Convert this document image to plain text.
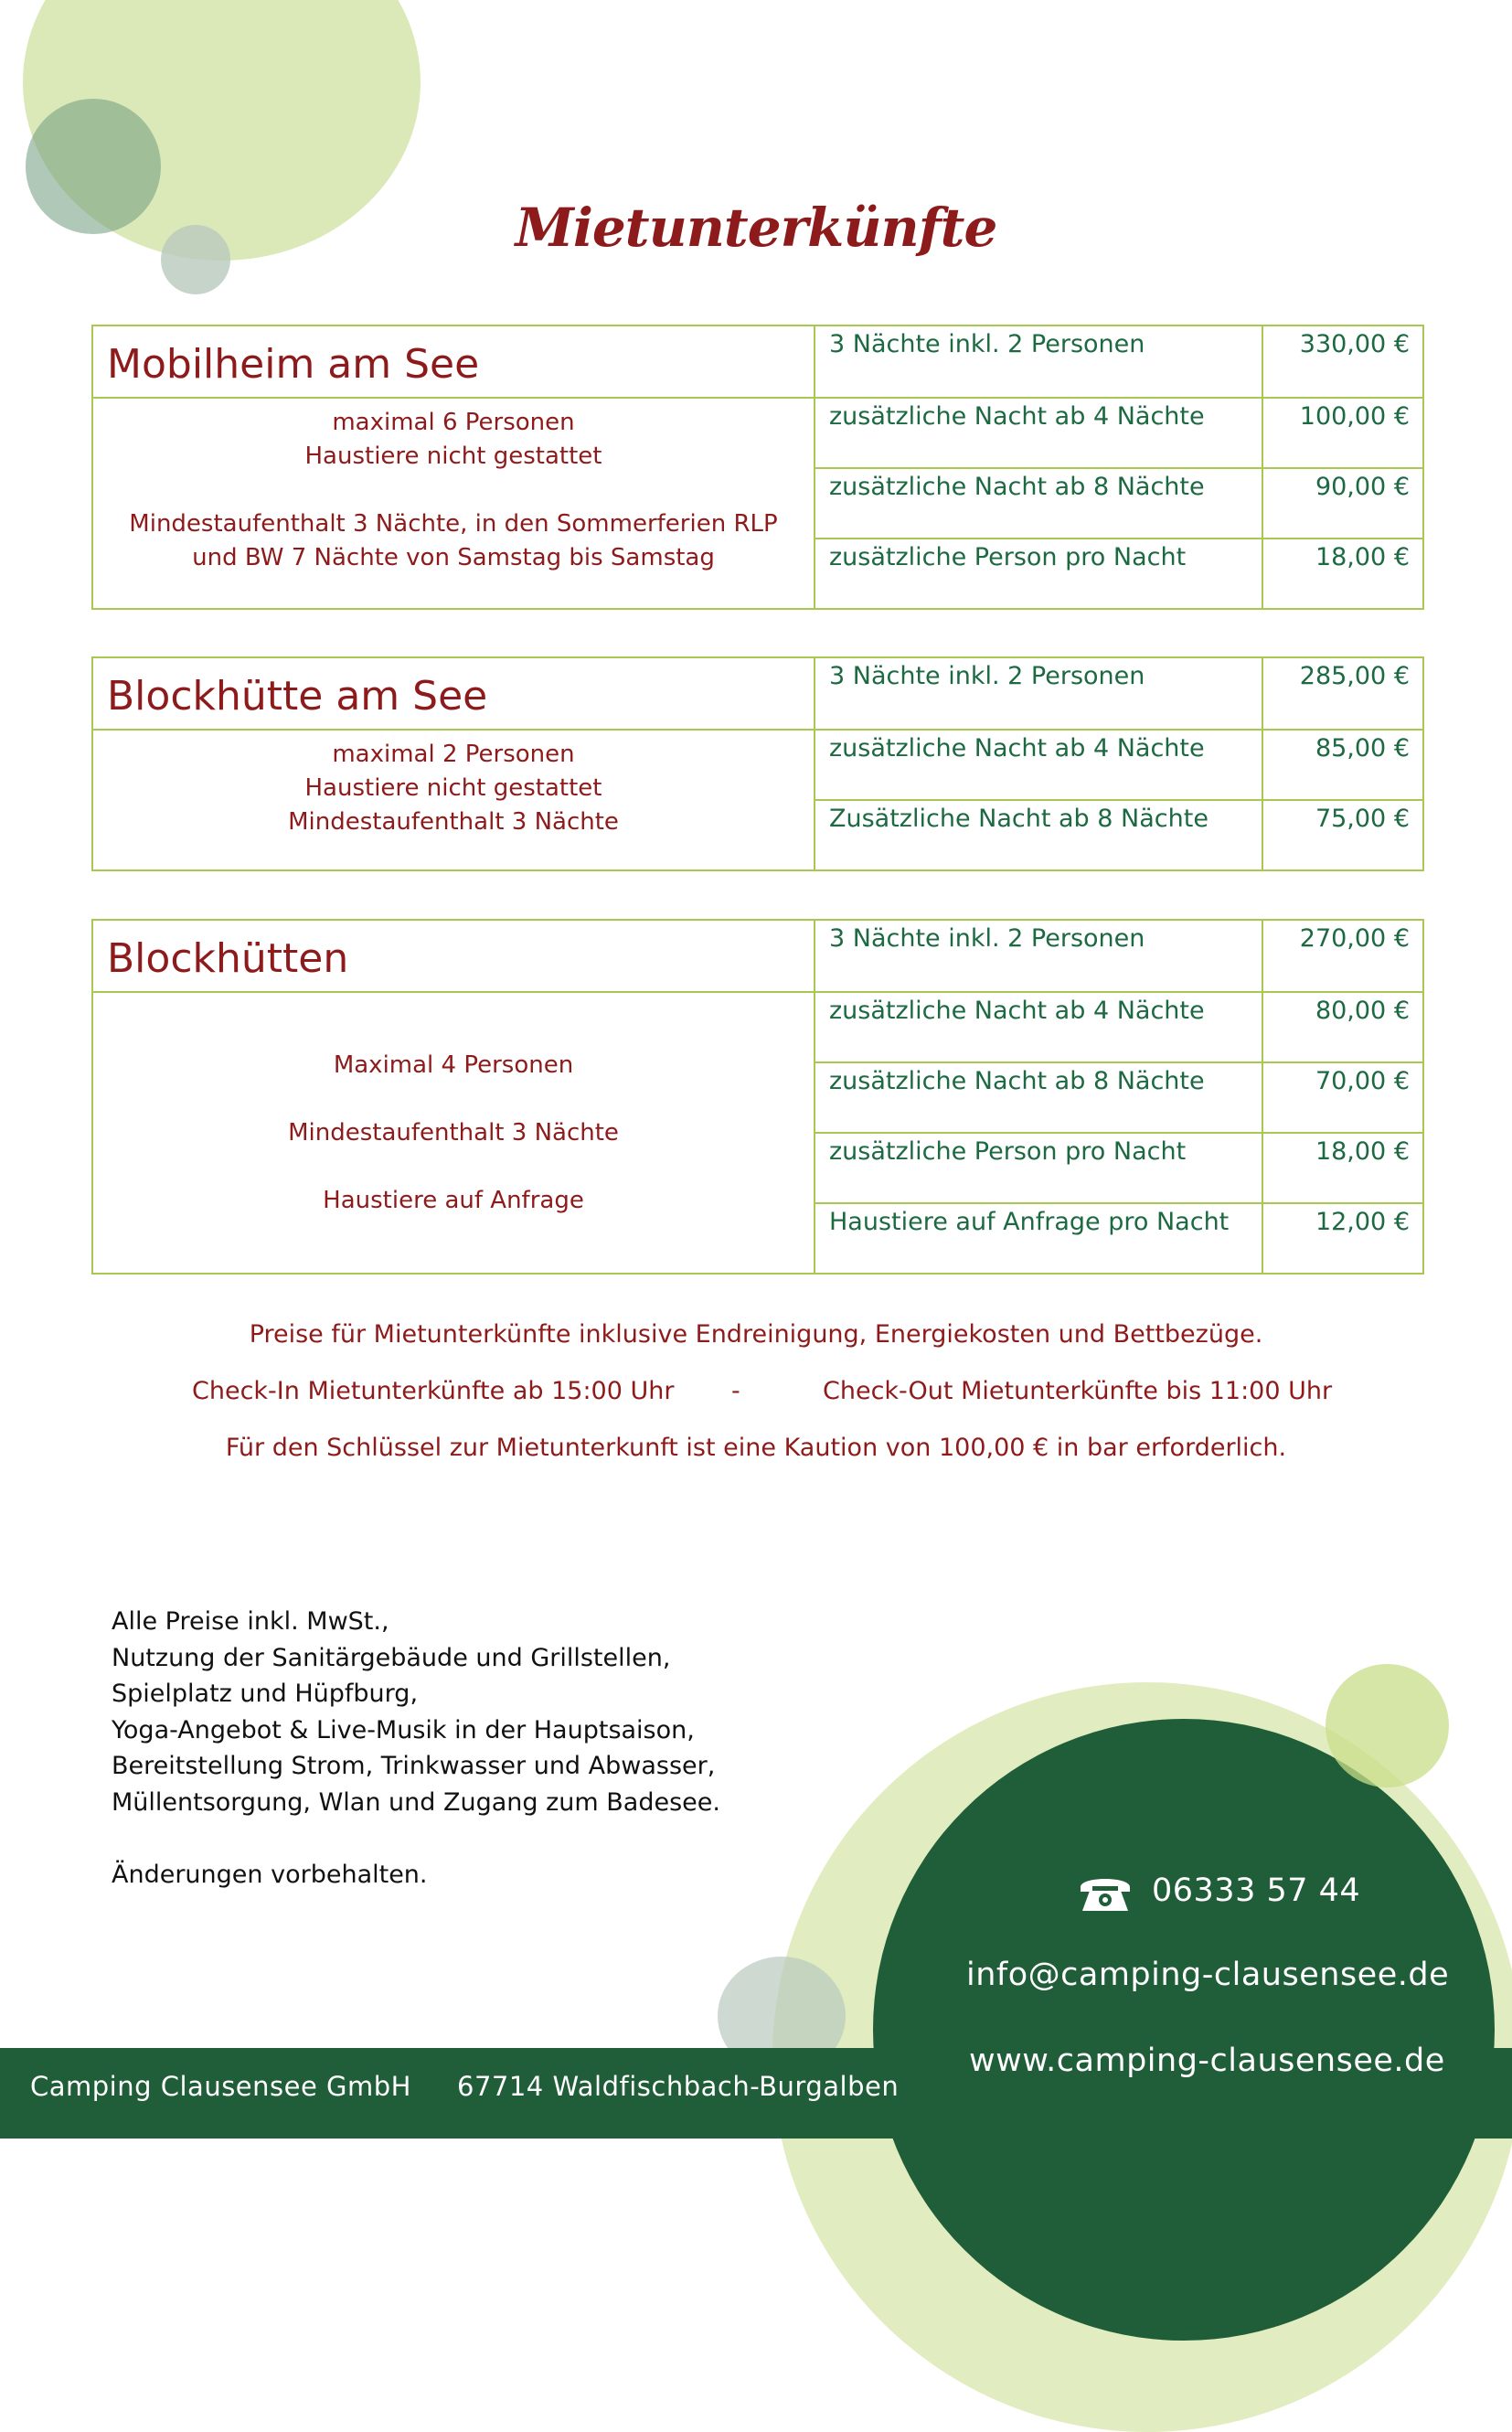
Mietunterkünfte
Mobilheim am See	3 Nächte inkl. 2 Personen	330,00 €

maximal 6 Personen
Haustiere nicht gestattet
Mindestaufenthalt 3 Nächte, in den Sommerferien RLP
und BW 7 Nächte von Samstag bis Samstag	zusätzliche Nacht ab 4 Nächte	100,00 €
	zusätzliche Nacht ab 8 Nächte	90,00 €
	zusätzliche Person pro Nacht	18,00 €
Blockhütte am See	3 Nächte inkl. 2 Personen	285,00 €

maximal 2 Personen
Haustiere nicht gestattet
Mindestaufenthalt 3 Nächte	zusätzliche Nacht ab 4 Nächte	85,00 €
	Zusätzliche Nacht ab 8 Nächte	75,00 €
Blockhütten	3 Nächte inkl. 2 Personen	270,00 €

Maximal 4 Personen
Mindestaufenthalt 3 Nächte
Haustiere auf Anfrage	zusätzliche Nacht ab 4 Nächte	80,00 €
	zusätzliche Nacht ab 8 Nächte	70,00 €
	zusätzliche Person pro Nacht	18,00 €
	Haustiere auf Anfrage pro Nacht	12,00 €
Preise für Mietunterkünfte inklusive Endreinigung, Energiekosten und Bettbezüge.
Check-In Mietunterkünfte ab 15:00 Uhr -	Check-Out Mietunterkünfte bis 11:00 Uhr
Für den Schlüssel zur Mietunterkunft ist eine Kaution von 100,00 € in bar erforderlich.
Alle Preise inkl. MwSt.,
Nutzung der Sanitärgebäude und Grillstellen,
Spielplatz und Hüpfburg,
Yoga-Angebot & Live-Musik in der Hauptsaison,
Bereitstellung Strom, Trinkwasser und Abwasser,
Müllentsorgung, Wlan und Zugang zum Badesee.
Änderungen vorbehalten.	06333 57 44
info@camping-clausensee.de
Camping Clausensee GmbH 67714 Waldfischbach-Burgalben
www.camping-clausensee.de
